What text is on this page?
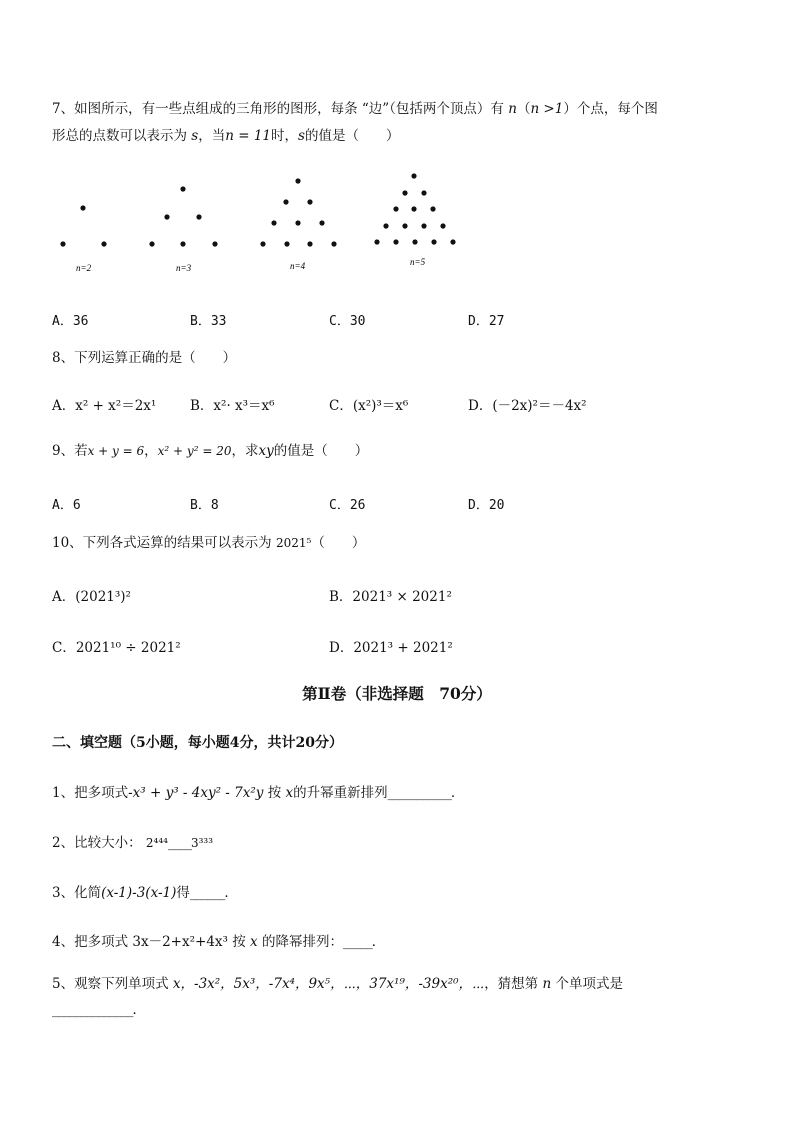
7、如图所示，有一些点组成的三角形的图形，每条 “边”（包括两个顶点）有 n（n >1）个点，每个图
形总的点数可以表示为 s，当n = 11时，s的值是（　　）
n=2	n=3	n=4	n=5
A．36	B．33	C．30	D．27
8、下列运算正确的是（　　）
A．x² + x²＝2x¹ B．x²· x³＝x⁶	C．(x²)³＝x⁶	D．(－2x)²＝－4x²
9、若x + y = 6，x² + y² = 20，求xy的值是（　　）
A．6	B．8	C．26	D．20
10、下列各式运算的结果可以表示为 2021⁵（　　）
A．(2021³)²	B．2021³ × 2021²
C．2021¹⁰ ÷ 2021²	D．2021³ + 2021²
第Ⅱ卷（非选择题　70分）
二、填空题（5小题，每小题4分，共计20分）
1、把多项式-x³ + y³ - 4xy² - 7x²y 按 x的升幂重新排列___________．
2、比较大小： 2⁴⁴⁴____3³³³
3、化简(x-1)-3(x-1)得______．
4、把多项式 3x－2+x²+4x³ 按 x 的降幂排列：_____．
5、观察下列单项式 x，-3x²，5x³，-7x⁴，9x⁵，⋯，37x¹⁹，-39x²⁰，⋯，猜想第 n 个单项式是
______________．
